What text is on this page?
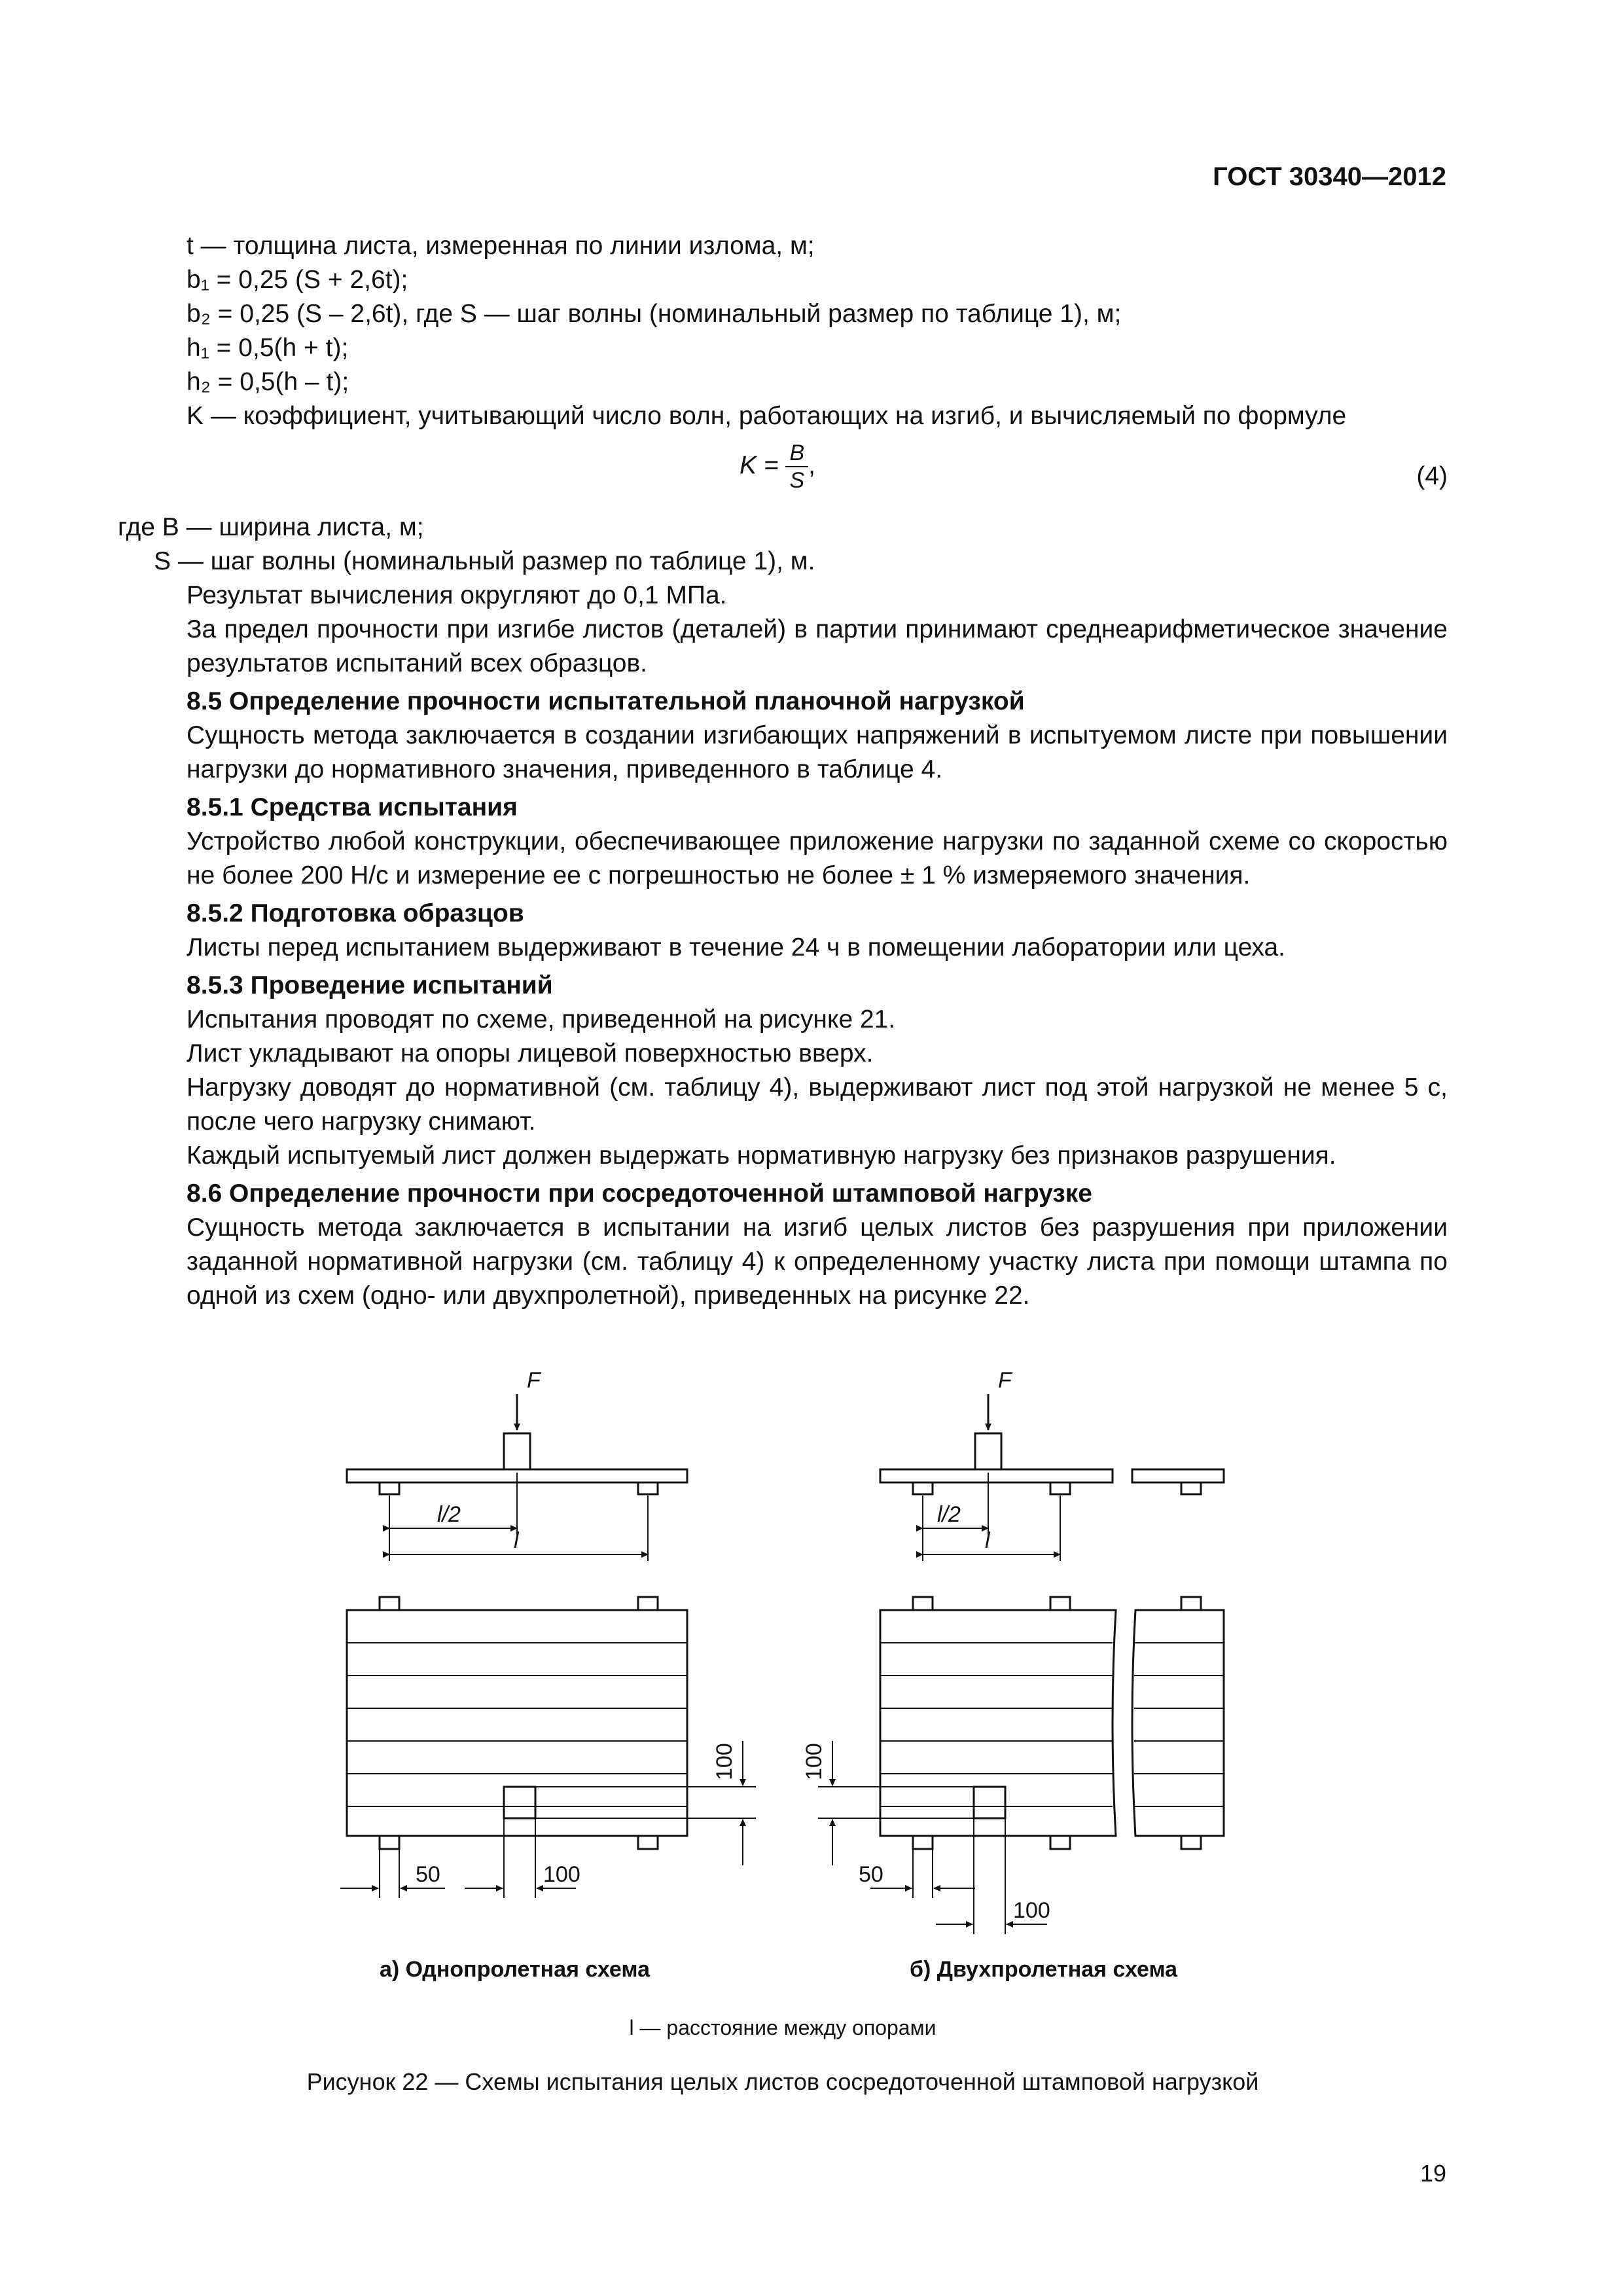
ГОСТ 30340—2012

t — толщина листа, измеренная по линии излома, м;

b₁ = 0,25 (S + 2,6t);

b₂ = 0,25 (S – 2,6t), где S — шаг волны (номинальный размер по таблице 1), м;

h₁ = 0,5(h + t);

h₂ = 0,5(h – t);

K — коэффициент, учитывающий число волн, работающих на изгиб, и вычисляемый по формуле

$K = \frac{B}{S}$ ,	(4)

где B — ширина листа, м;

S — шаг волны (номинальный размер по таблице 1), м.

Результат вычисления округляют до 0,1 МПа.

За предел прочности при изгибе листов (деталей) в партии принимают среднеарифметическое значение результатов испытаний всех образцов.

8.5 Определение прочности испытательной планочной нагрузкой

Сущность метода заключается в создании изгибающих напряжений в испытуемом листе при повышении нагрузки до нормативного значения, приведенного в таблице 4.

8.5.1 Средства испытания

Устройство любой конструкции, обеспечивающее приложение нагрузки по заданной схеме со скоростью не более 200 Н/с и измерение ее с погрешностью не более ± 1 % измеряемого значения.

8.5.2 Подготовка образцов

Листы перед испытанием выдерживают в течение 24 ч в помещении лаборатории или цеха.

8.5.3 Проведение испытаний

Испытания проводят по схеме, приведенной на рисунке 21.

Лист укладывают на опоры лицевой поверхностью вверх.

Нагрузку доводят до нормативной (см. таблицу 4), выдерживают лист под этой нагрузкой не менее 5 с, после чего нагрузку снимают.

Каждый испытуемый лист должен выдержать нормативную нагрузку без признаков разрушения.

8.6 Определение прочности при сосредоточенной штамповой нагрузке

Сущность метода заключается в испытании на изгиб целых листов без разрушения при приложении заданной нормативной нагрузки (см. таблицу 4) к определенному участку листа при помощи штампа по одной из схем (одно- или двухпролетной), приведенных на рисунке 22.

F
l/2
l
100
50	100
F
l/2
l
100
50
100
а) Однопролетная схема	б) Двухпролетная схема
l — расстояние между опорами
Рисунок 22 — Схемы испытания целых листов сосредоточенной штамповой нагрузкой
19
